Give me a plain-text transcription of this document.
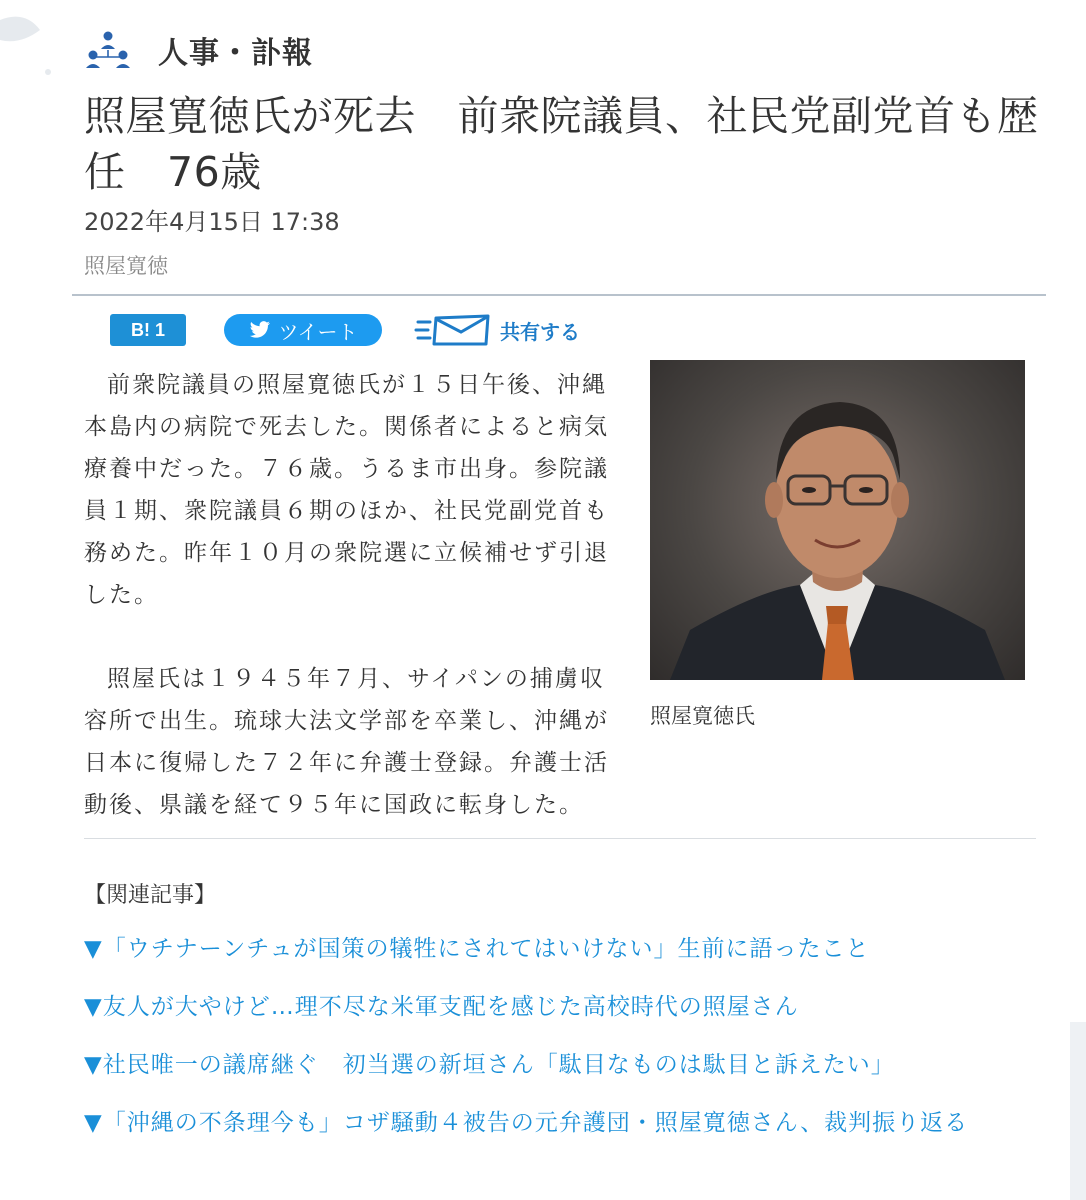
人事・訃報
照屋寛徳氏が死去　前衆院議員、社民党副党首も歴任　76歳
2022年4月15日 17:38
照屋寛徳
B! 1	ツイート	共有する

前衆院議員の照屋寛徳氏が１５日午後、沖縄本島内の病院で死去した。関係者によると病気療養中だった。７６歳。うるま市出身。参院議員１期、衆院議員６期のほか、社民党副党首も務めた。昨年１０月の衆院選に立候補せず引退した。

照屋氏は１９４５年７月、サイパンの捕虜収容所で出生。琉球大法文学部を卒業し、沖縄が日本に復帰した７２年に弁護士登録。弁護士活動後、県議を経て９５年に国政に転身した。

照屋寛徳氏
【関連記事】
▼「ウチナーンチュが国策の犠牲にされてはいけない」生前に語ったこと
▼友人が大やけど…理不尽な米軍支配を感じた高校時代の照屋さん
▼社民唯一の議席継ぐ　初当選の新垣さん「駄目なものは駄目と訴えたい」
▼「沖縄の不条理今も」コザ騒動４被告の元弁護団・照屋寛徳さん、裁判振り返る
